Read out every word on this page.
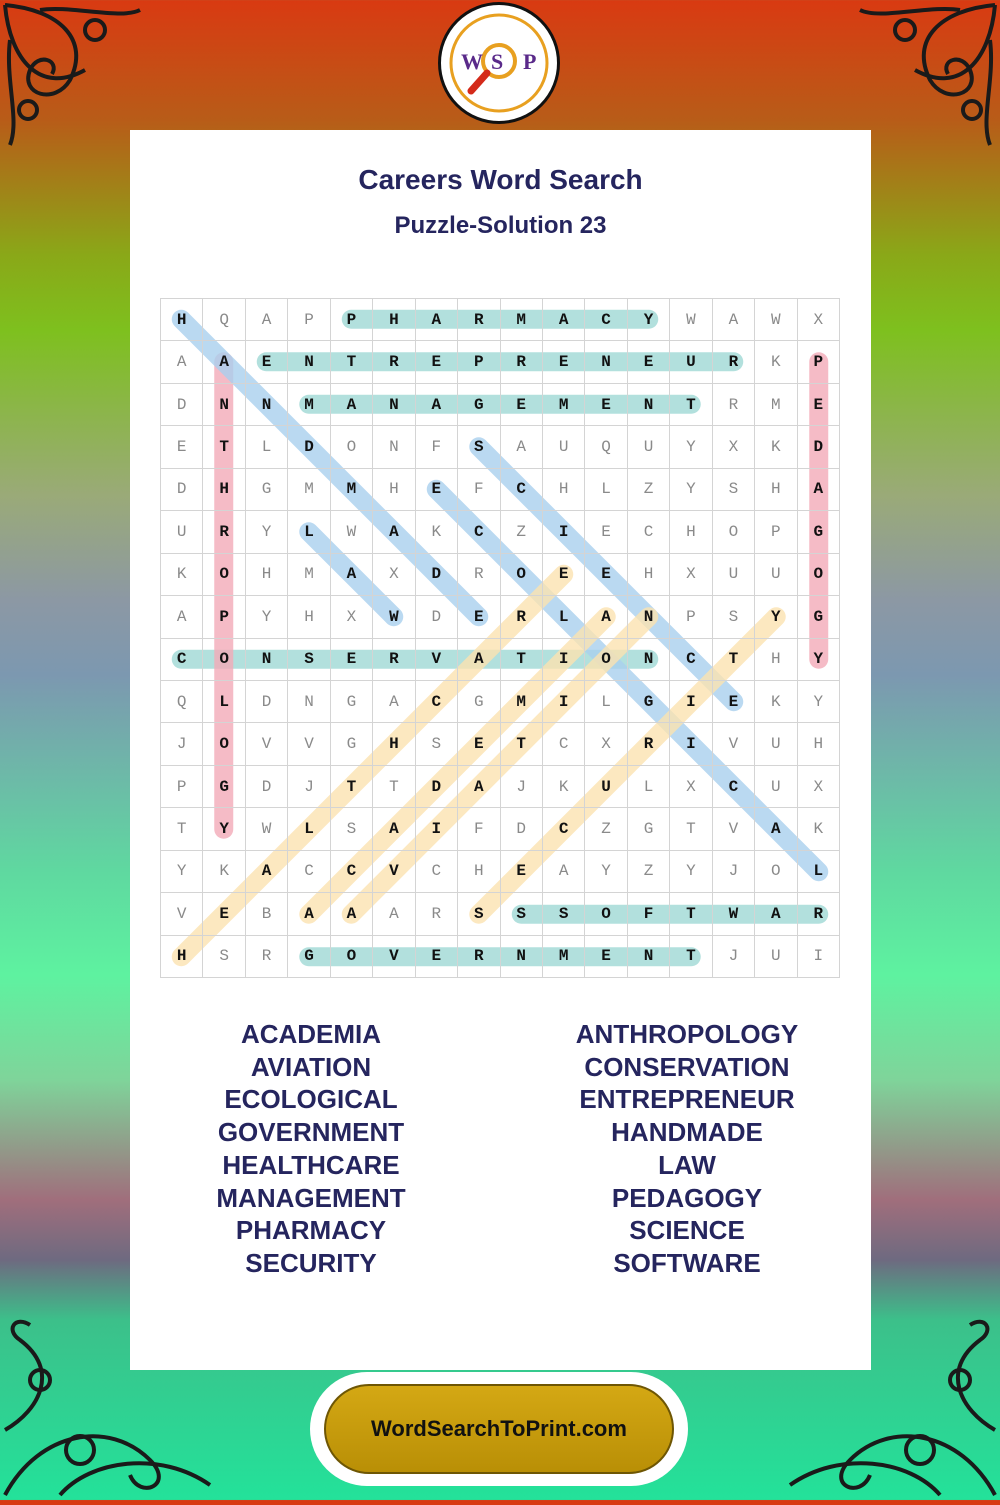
W S P
Careers Word Search
Puzzle-Solution 23
H	Q	A	P	P	H	A	R	M	A	C	Y	W	A	W	X
A	A	E	N	T	R	E	P	R	E	N	E	U	R	K	P
D	N	N	M	A	N	A	G	E	M	E	N	T	R	M	E
E	T	L	D	O	N	F	S	A	U	Q	U	Y	X	K	D
D	H	G	M	M	H	E	F	C	H	L	Z	Y	S	H	A
U	R	Y	L	W	A	K	C	Z	I	E	C	H	O	P	G
K	O	H	M	A	X	D	R	O	E	E	H	X	U	U	O
A	P	Y	H	X	W	D	E	R	L	A	N	P	S	Y	G
C	O	N	S	E	R	V	A	T	I	O	N	C	T	H	Y
Q	L	D	N	G	A	C	G	M	I	L	G	I	E	K	Y
J	O	V	V	G	H	S	E	T	C	X	R	I	V	U	H
P	G	D	J	T	T	D	A	J	K	U	L	X	C	U	X
T	Y	W	L	S	A	I	F	D	C	Z	G	T	V	A	K
Y	K	A	C	C	V	C	H	E	A	Y	Z	Y	J	O	L
V	E	B	A	A	A	R	S	S	S	O	F	T	W	A	R
H	S	R	G	O	V	E	R	N	M	E	N	T	J	U	I
ACADEMIA
AVIATION
ECOLOGICAL
GOVERNMENT
HEALTHCARE
MANAGEMENT
PHARMACY
SECURITY
ANTHROPOLOGY
CONSERVATION
ENTREPRENEUR
HANDMADE
LAW
PEDAGOGY
SCIENCE
SOFTWARE
WordSearchToPrint.com
